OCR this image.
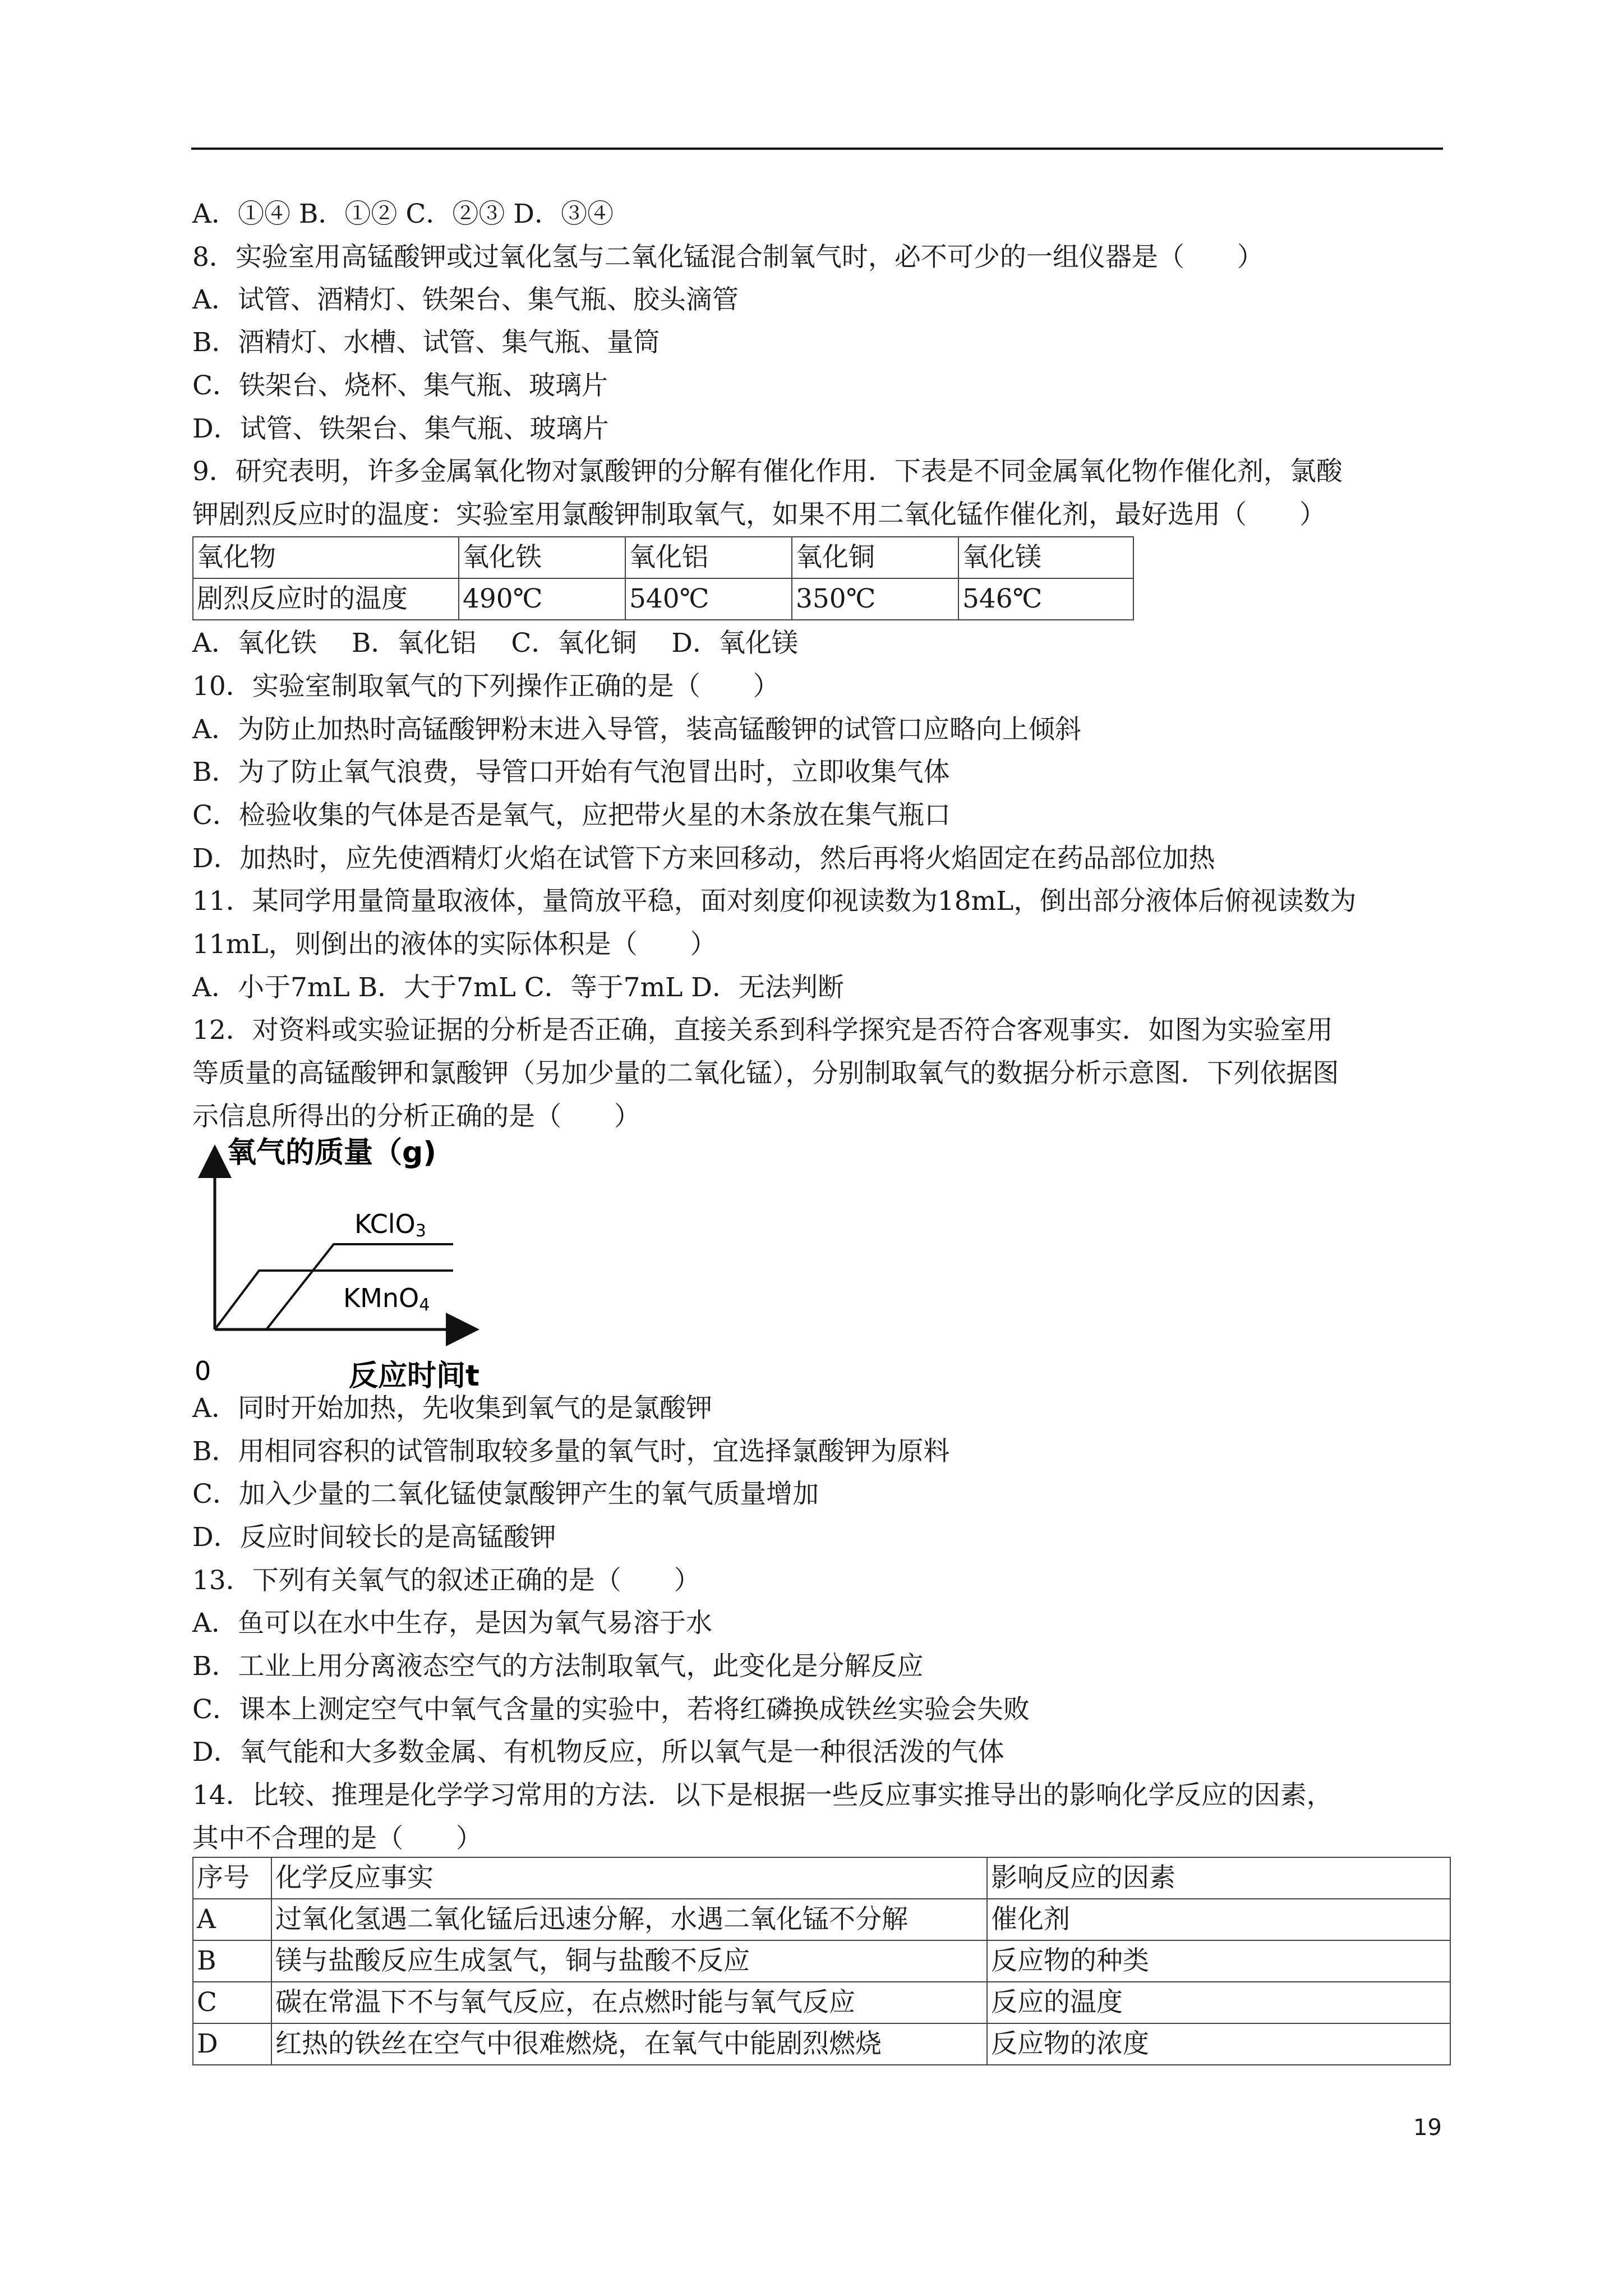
A．①④ B．①② C．②③ D．③④
8．实验室用高锰酸钾或过氧化氢与二氧化锰混合制氧气时，必不可少的一组仪器是（　　）
A．试管、酒精灯、铁架台、集气瓶、胶头滴管
B．酒精灯、水槽、试管、集气瓶、量筒
C．铁架台、烧杯、集气瓶、玻璃片
D．试管、铁架台、集气瓶、玻璃片
9．研究表明，许多金属氧化物对氯酸钾的分解有催化作用．下表是不同金属氧化物作催化剂，氯酸
钾剧烈反应时的温度：实验室用氯酸钾制取氧气，如果不用二氧化锰作催化剂，最好选用（　　）
氧化物	氧化铁	氧化铝	氧化铜	氧化镁
剧烈反应时的温度	490℃	540℃	350℃	546℃
A．氧化铁　 B．氧化铝　 C．氧化铜　 D．氧化镁
10．实验室制取氧气的下列操作正确的是（　　）
A．为防止加热时高锰酸钾粉末进入导管，装高锰酸钾的试管口应略向上倾斜
B．为了防止氧气浪费，导管口开始有气泡冒出时，立即收集气体
C．检验收集的气体是否是氧气，应把带火星的木条放在集气瓶口
D．加热时，应先使酒精灯火焰在试管下方来回移动，然后再将火焰固定在药品部位加热
11．某同学用量筒量取液体，量筒放平稳，面对刻度仰视读数为18mL，倒出部分液体后俯视读数为
11mL，则倒出的液体的实际体积是（　　）
A．小于7mL B．大于7mL C．等于7mL D．无法判断
12．对资料或实验证据的分析是否正确，直接关系到科学探究是否符合客观事实．如图为实验室用
等质量的高锰酸钾和氯酸钾（另加少量的二氧化锰），分别制取氧气的数据分析示意图．下列依据图
示信息所得出的分析正确的是（　　）
氧气的质量（g)
KClO3
KMnO4
0	反应时间t
A．同时开始加热，先收集到氧气的是氯酸钾
B．用相同容积的试管制取较多量的氧气时，宜选择氯酸钾为原料
C．加入少量的二氧化锰使氯酸钾产生的氧气质量增加
D．反应时间较长的是高锰酸钾
13．下列有关氧气的叙述正确的是（　　）
A．鱼可以在水中生存，是因为氧气易溶于水
B．工业上用分离液态空气的方法制取氧气，此变化是分解反应
C．课本上测定空气中氧气含量的实验中，若将红磷换成铁丝实验会失败
D．氧气能和大多数金属、有机物反应，所以氧气是一种很活泼的气体
14．比较、推理是化学学习常用的方法．以下是根据一些反应事实推导出的影响化学反应的因素，
其中不合理的是（　　）
序号	化学反应事实	影响反应的因素
A	过氧化氢遇二氧化锰后迅速分解，水遇二氧化锰不分解	催化剂
B	镁与盐酸反应生成氢气，铜与盐酸不反应	反应物的种类
C	碳在常温下不与氧气反应，在点燃时能与氧气反应	反应的温度
D	红热的铁丝在空气中很难燃烧，在氧气中能剧烈燃烧	反应物的浓度
19
